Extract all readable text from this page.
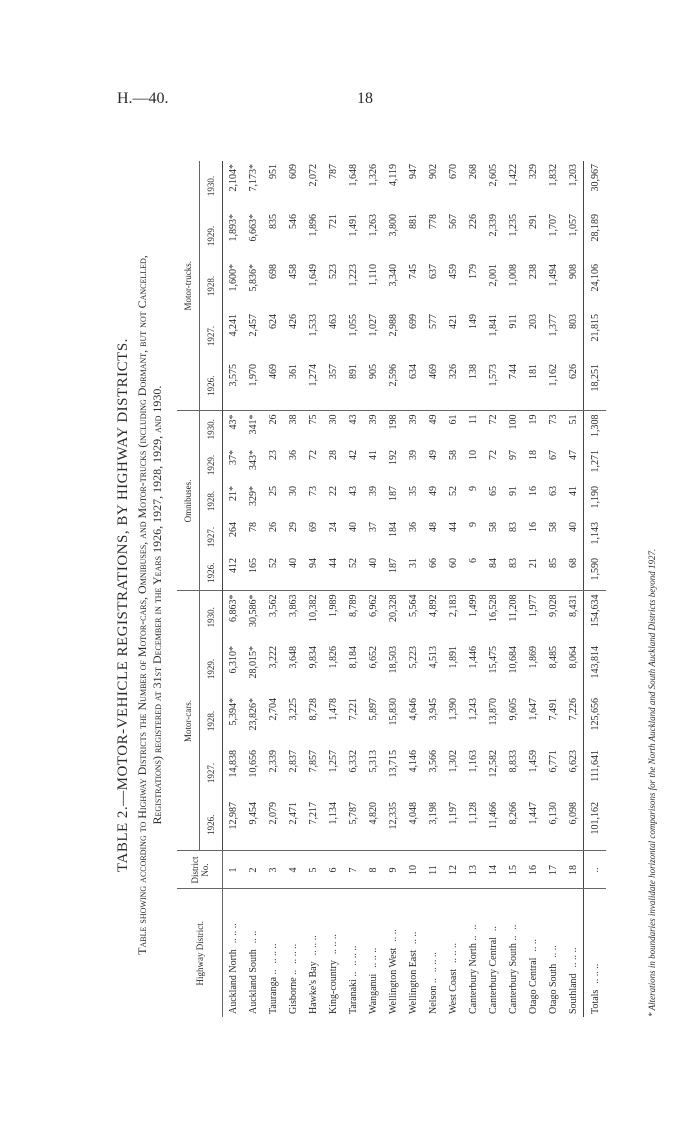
H.—40.	18
TABLE 2.—MOTOR-VEHICLE REGISTRATIONS, BY HIGHWAY DISTRICTS. Table showing according to Highway Districts the Number of Motor-cars, Omnibuses, and Motor-trucks (including Dormant, but not Cancelled, Registrations) registered at 31st December in the Years 1926, 1927, 1928, 1929, and 1930.
Highway District.	District No.	Motor-cars.					Omnibuses.					Motor-trucks.				
		1926.	1927.	1928.	1929.	1930.	1926.	1927.	1928.	1929.	1930.	1926.	1927.	1928.	1929.	1930.
Auckland North.. .. ..	1	12,987	14,838	5,394*	6,310*	6,863*	412	264	21*	37*	43*	3,575	4,241	1,600*	1,893*	2,104*
Auckland South.. ..	2	9,454	10,656	23,826*	28,015*	30,586*	165	78	329*	343*	341*	1,970	2,457	5,836*	6,663*	7,173*
Tauranga .... .. ..	3	2,079	2,339	2,704	3,222	3,562	52	26	25	23	26	469	624	698	835	951
Gisborne .... .. ..	4	2,471	2,837	3,225	3,648	3,863	40	29	30	36	38	361	426	458	546	609
Hawke's Bay.. .. ..	5	7,217	7,857	8,728	9,834	10,382	94	69	73	72	75	1,274	1,533	1,649	1,896	2,072
King-country.. .. ..	6	1,134	1,257	1,478	1,826	1,989	44	24	22	28	30	357	463	523	721	787
Taranaki .... .. ..	7	5,787	6,332	7,221	8,184	8,789	52	40	43	42	43	891	1,055	1,223	1,491	1,648
Wanganui.. .. ..	8	4,820	5,313	5,897	6,652	6,962	40	37	39	41	39	905	1,027	1,110	1,263	1,326
Wellington West.. ..	9	12,335	13,715	15,830	18,503	20,328	187	184	187	192	198	2,596	2,988	3,340	3,800	4,119
Wellington East.. ..	10	4,048	4,146	4,646	5,223	5,564	31	36	35	39	39	634	699	745	881	947
Nelson .... .. ..	11	3,198	3,566	3,945	4,513	4,892	66	48	49	49	49	469	577	637	778	902
West Coast.. .. ..	12	1,197	1,302	1,390	1,891	2,183	60	44	52	58	61	326	421	459	567	670
Canterbury North ....	13	1,128	1,163	1,243	1,446	1,499	6	9	9	10	11	138	149	179	226	268
Canterbury Central..	14	11,466	12,582	13,870	15,475	16,528	84	58	65	72	72	1,573	1,841	2,001	2,339	2,605
Canterbury South ....	15	8,266	8,833	9,605	10,684	11,208	83	83	91	97	100	744	911	1,008	1,235	1,422
Otago Central.. ..	16	1,447	1,459	1,647	1,869	1,977	21	16	16	18	19	181	203	238	291	329
Otago South.. ..	17	6,130	6,771	7,491	8,485	9,028	85	58	63	67	73	1,162	1,377	1,494	1,707	1,832
Southland.. .. ..	18	6,098	6,623	7,226	8,064	8,431	68	40	41	47	51	626	803	908	1,057	1,203
Totals.. .. ..	..	101,162	111,641	125,656	143,814	154,634	1,590	1,143	1,190	1,271	1,308	18,251	21,815	24,106	28,189	30,967
* Alterations in boundaries invalidate horizontal comparisons for the North Auckland and South Auckland Districts beyond 1927.
